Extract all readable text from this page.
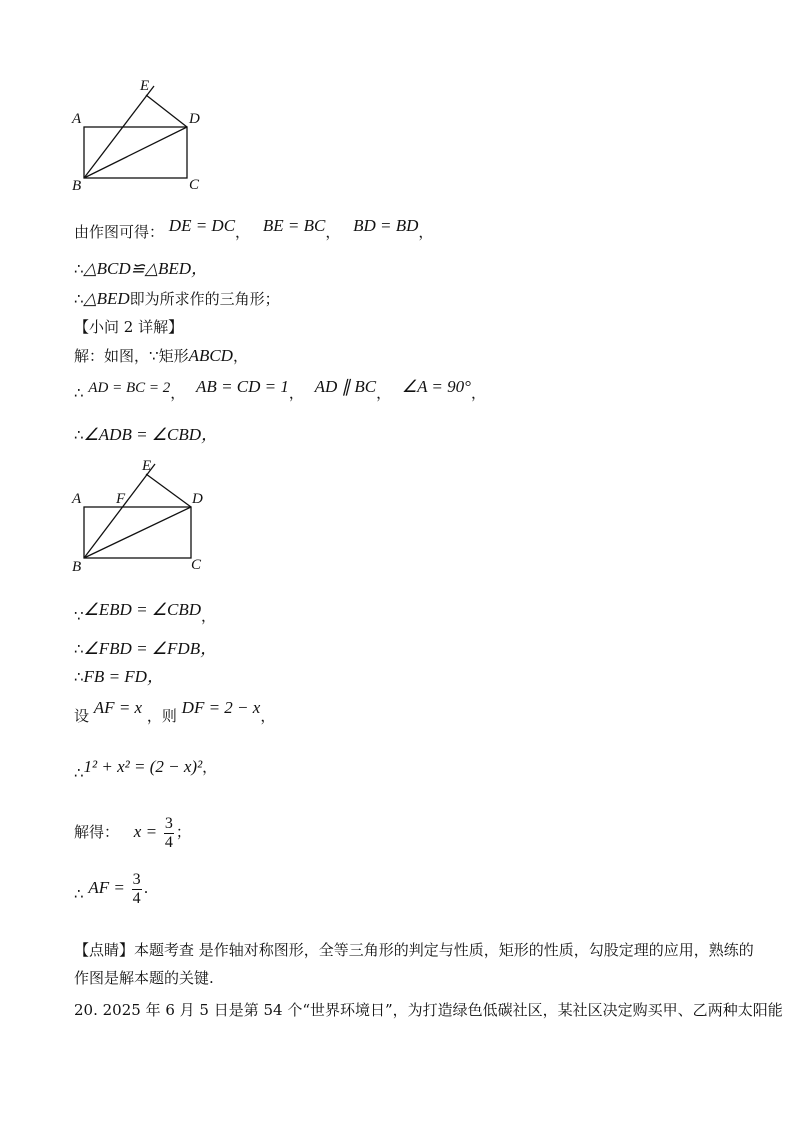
E
A	D
B	C
由作图可得： DE = DC， BE = BC， BD = BD，
∴△BCD≌△BED，
∴△BED即为所求作的三角形；
【小问 2 详解】
解：如图，∵矩形ABCD，
∴ AD = BC = 2， AB = CD = 1， AD ∥ BC， ∠A = 90°，
∴∠ADB = ∠CBD，
E
A F	D
B	C
∵∠EBD = ∠CBD，
∴∠FBD = ∠FDB，
∴FB = FD，
设 AF = x ，则 DF = 2 − x，
∴1² + x² = (2 − x)²，
解得： $x = \frac{3}{4}$ ；
∴ AF = $\frac{3}{4}$ .
【点睛】本题考查 是作轴对称图形，全等三角形的判定与性质，矩形的性质，勾股定理的应用，熟练的
作图是解本题的关键.
20. 2025 年 6 月 5 日是第 54 个“世界环境日”，为打造绿色低碳社区，某社区决定购买甲、乙两种太阳能
